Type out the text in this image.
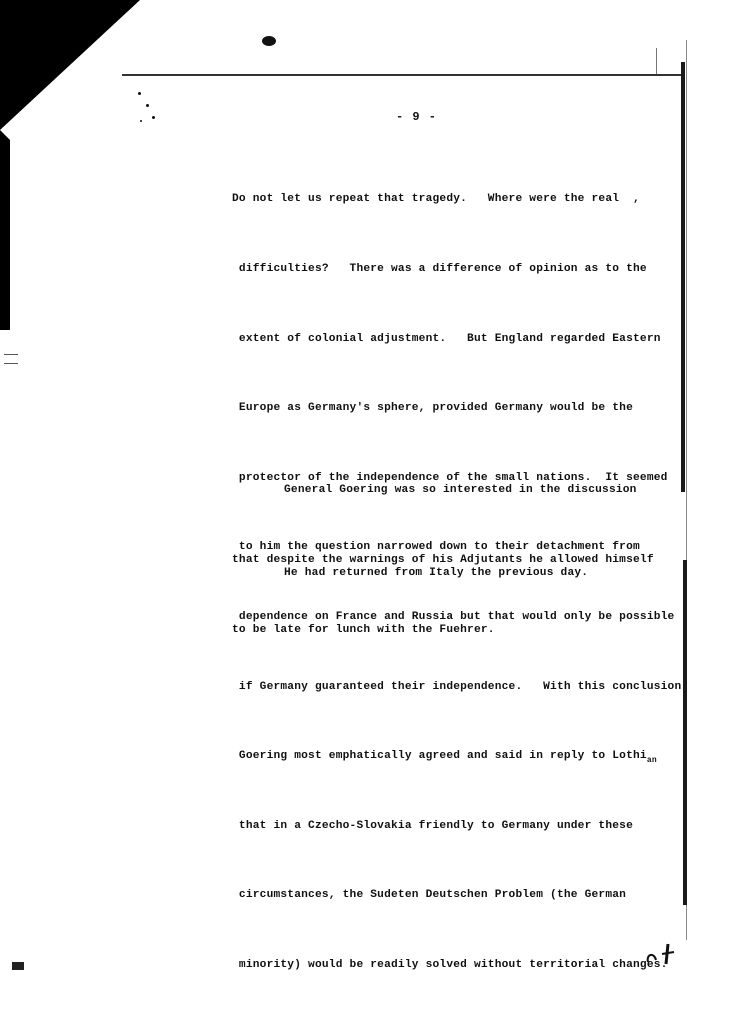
- 9 -

Do not let us repeat that tragedy.   Where were the real  ,

difficulties?   There was a difference of opinion as to the

extent of colonial adjustment.   But England regarded Eastern

Europe as Germany's sphere, provided Germany would be the

protector of the independence of the small nations.  It seemed

to him the question narrowed down to their detachment from

dependence on France and Russia but that would only be possible

if Germany guaranteed their independence.   With this conclusion

Goering most emphatically agreed and said in reply to Lothi$_{an}$

that in a Czecho-Slovakia friendly to Germany under these

circumstances, the Sudeten Deutschen Problem (the German

minority) would be readily solved without territorial changes.

General Goering was so interested in the discussion

that despite the warnings of his Adjutants he allowed himself

to be late for lunch with the Fuehrer.

He had returned from Italy the previous day.
